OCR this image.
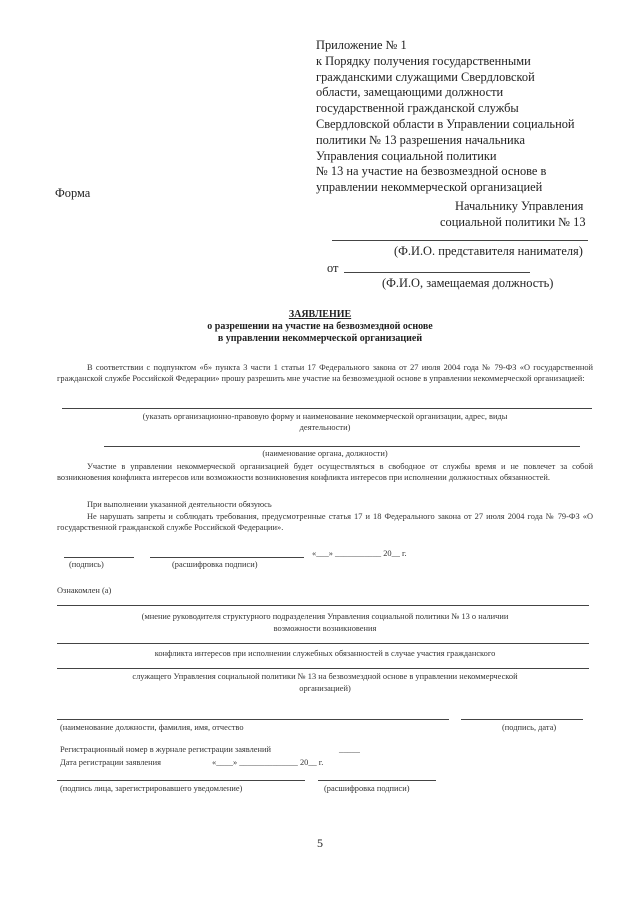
Приложение № 1
к Порядку получения государственными
гражданскими служащими Свердловской
области, замещающими должности
государственной гражданской службы
Свердловской области в Управлении социальной
политики № 13 разрешения начальника
Управления социальной политики
№ 13 на участие на безвозмездной основе в
управлении некоммерческой организацией
Форма
Начальнику Управления
социальной политики № 13
(Ф.И.О. представителя нанимателя)
от
(Ф.И.О, замещаемая должность)
ЗАЯВЛЕНИЕ
о разрешении на участие на безвозмездной основе
в управлении некоммерческой организацией
В соответствии с подпунктом «б» пункта 3 части 1 статьи 17 Федерального закона от 27 июля 2004 года № 79-ФЗ «О государственной гражданской службе Российской Федерации» прошу разрешить мне участие на безвозмездной основе в управлении некоммерческой организацией:
(указать организационно-правовую форму и наименование некоммерческой организации, адрес, виды
деятельности)
(наименование органа, должности)
Участие в управлении некоммерческой организацией будет осуществляться в свободное от службы время и не повлечет за собой возникновения конфликта интересов или возможности возникновения конфликта интересов при исполнении должностных обязанностей.
При выполнении указанной деятельности обязуюсь
Не нарушать запреты и соблюдать требования, предусмотренные статья 17 и 18 Федерального закона от 27 июля 2004 года № 79-ФЗ «О государственной гражданской службе Российской Федерации».
«___» ___________ 20__ г.
(подпись)	(расшифровка подписи)
Ознакомлен (а)
(мнение руководителя структурного подразделения Управления социальной политики № 13 о наличии
возможности возникновения
конфликта интересов при исполнении служебных обязанностей в случае участия гражданского
служащего Управления социальной политики № 13 на безвозмездной основе в управлении некоммерческой
организацией)
(наименование должности, фамилия, имя, отчество	(подпись, дата)
Регистрационный номер в журнале регистрации заявлений	_____
Дата регистрации заявления	«____» ______________ 20__ г.
(подпись лица, зарегистрировавшего уведомление)	(расшифровка подписи)
5
